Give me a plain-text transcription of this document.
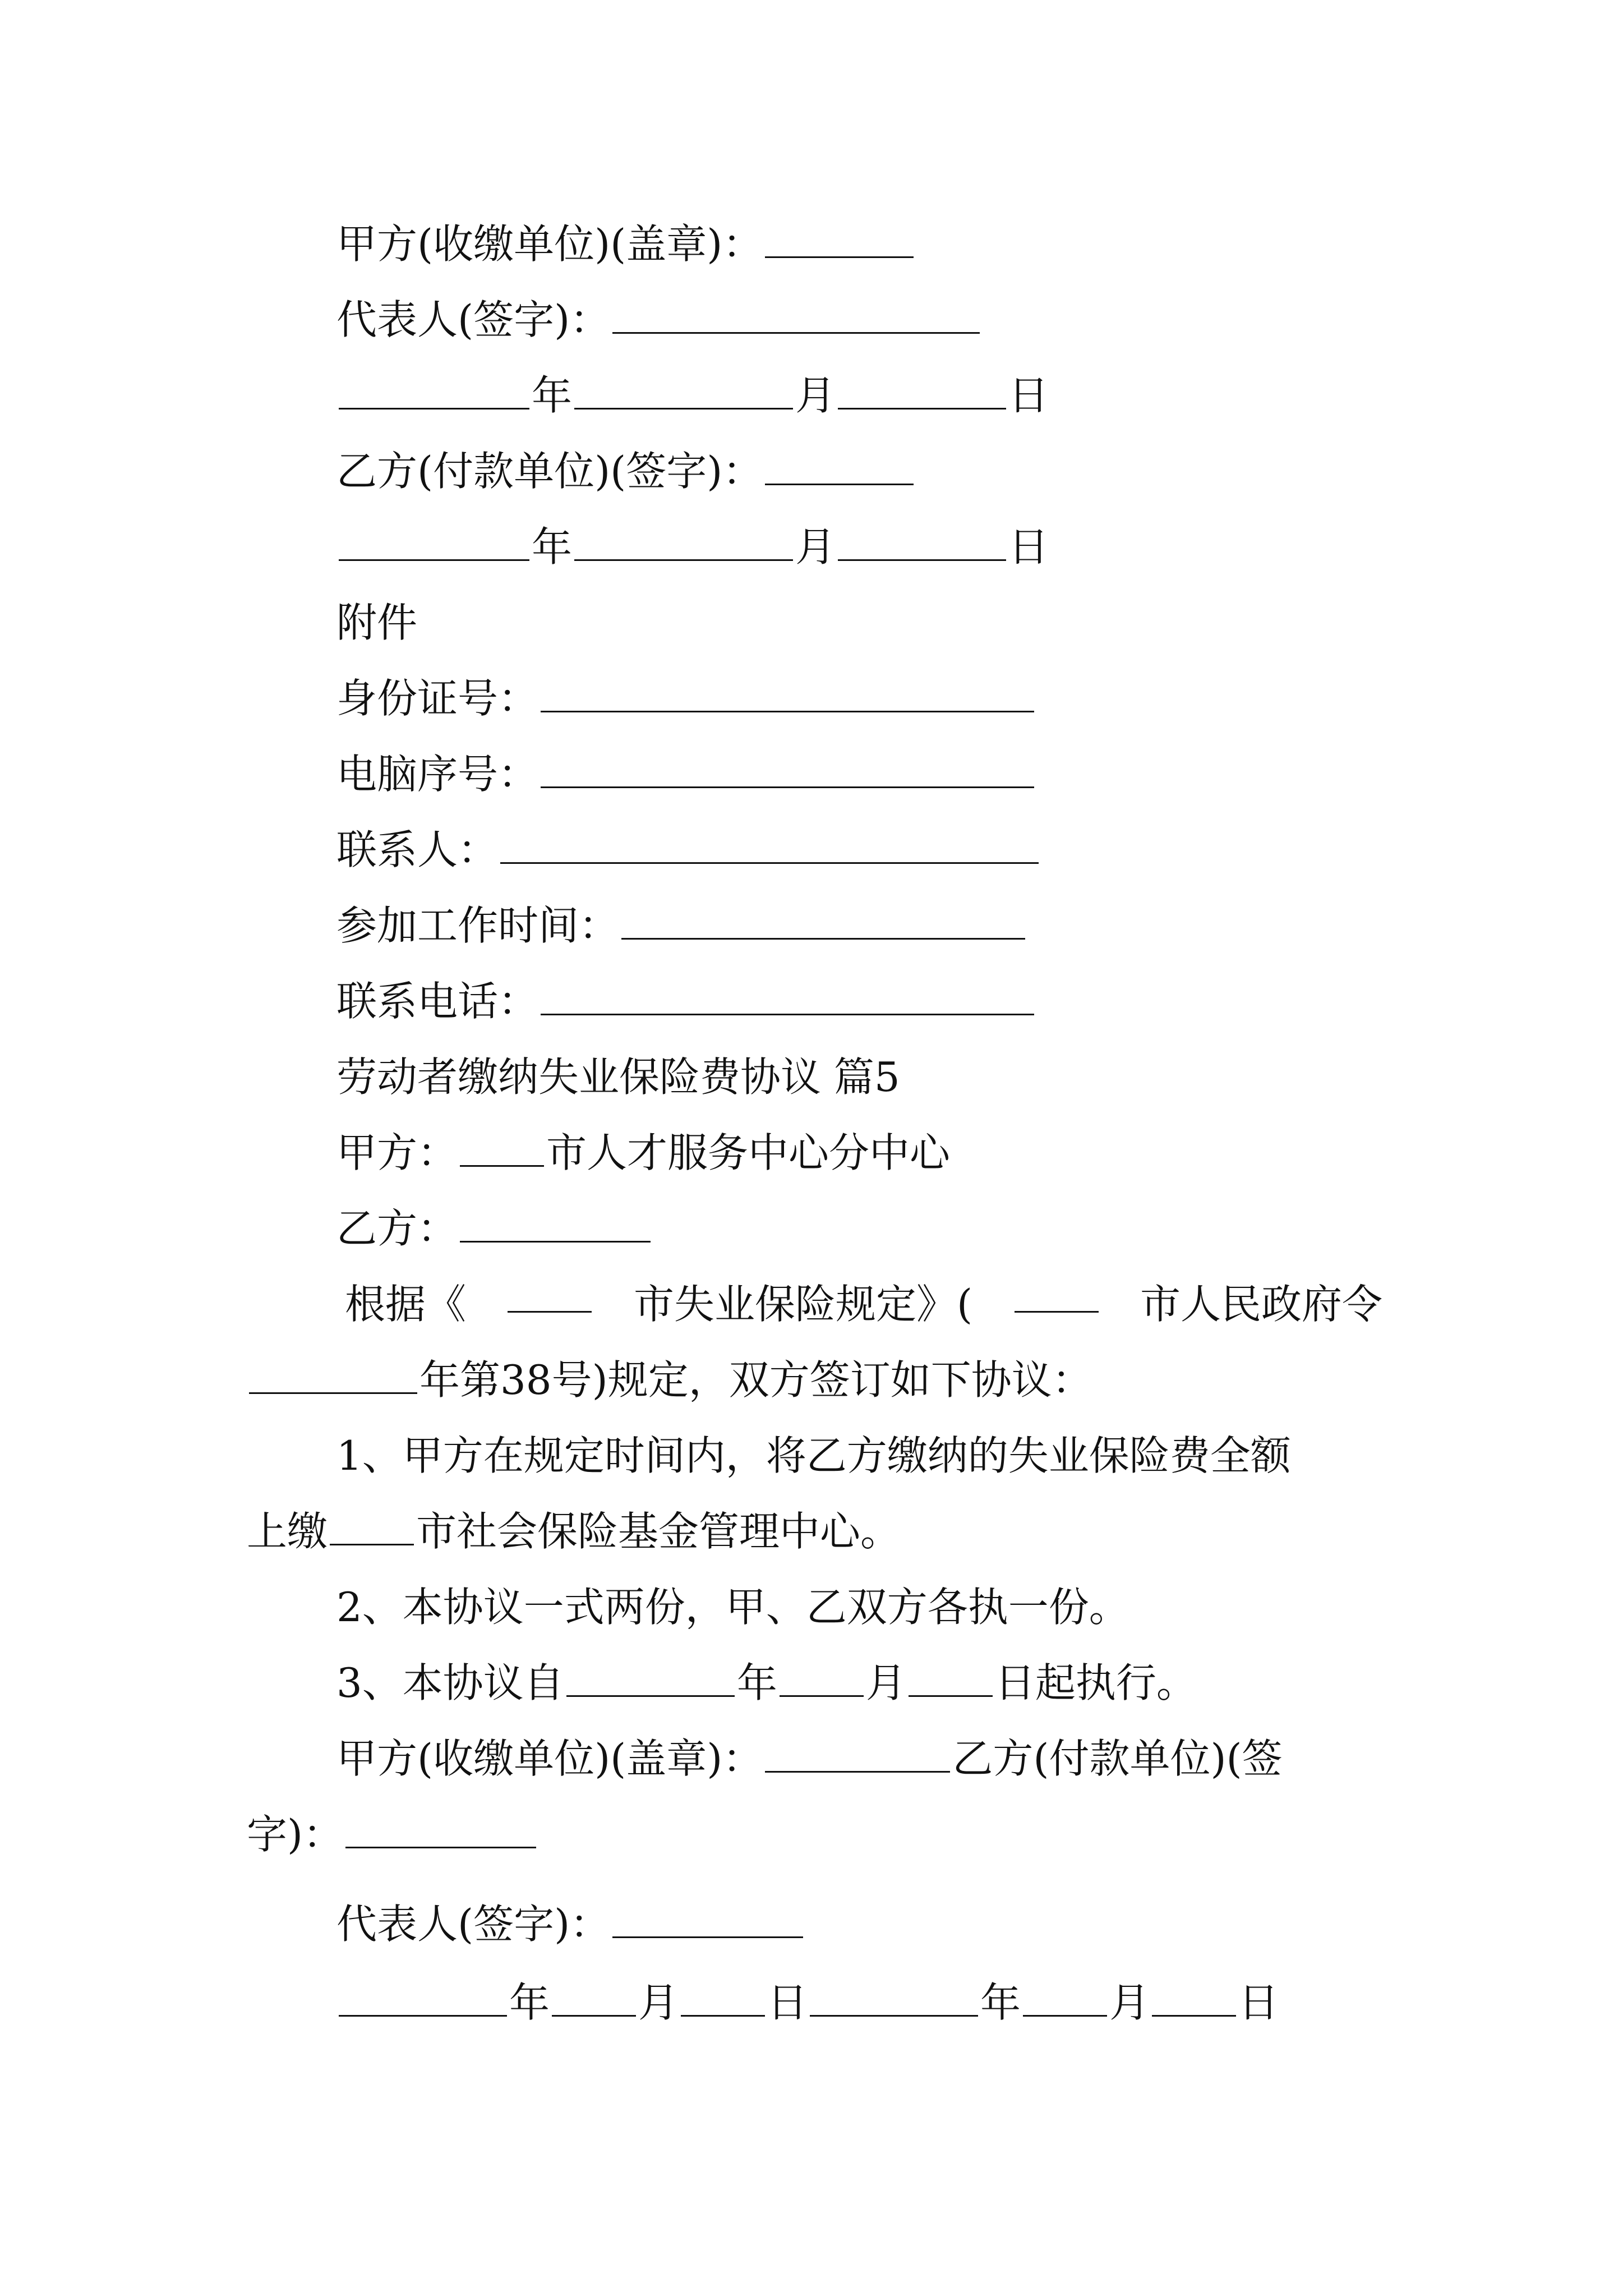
甲方(收缴单位)(盖章)：
代表人(签字)：
年	月	日
乙方(付款单位)(签字)：
年	月	日
附件
身份证号：
电脑序号：
联系人：
参加工作时间：
联系电话：
劳动者缴纳失业保险费协议 篇5
甲方： 市人才服务中心分中心
乙方：
根据《	市失业保险规定》(	市人民政府令
年第38号)规定，双方签订如下协议：
1、甲方在规定时间内，将乙方缴纳的失业保险费全额
上缴 市社会保险基金管理中心。
2、本协议一式两份，甲、乙双方各执一份。
3、本协议自	年 月 日起执行。
甲方(收缴单位)(盖章)：	乙方(付款单位)(签
字)：
代表人(签字)：
年 月 日	年 月 日
